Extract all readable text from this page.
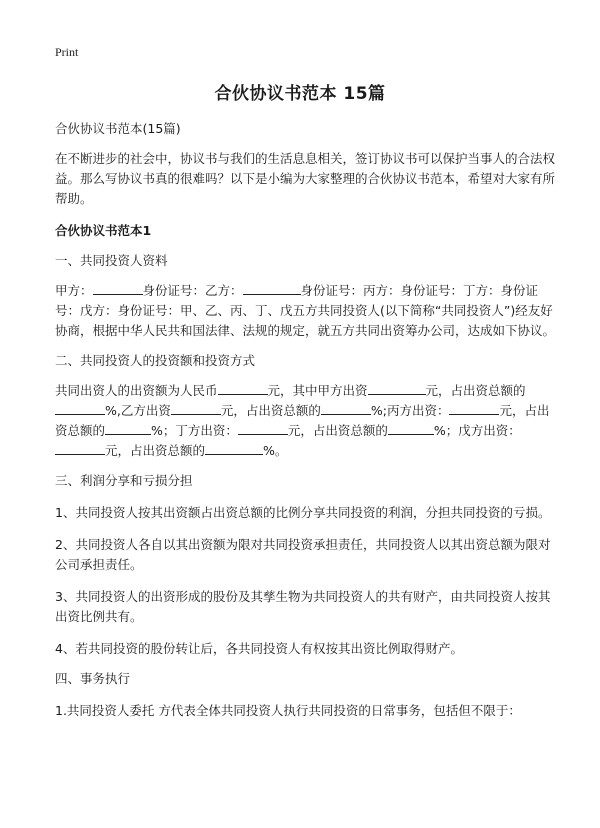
Print
合伙协议书范本 15篇

合伙协议书范本(15篇)

在不断进步的社会中，协议书与我们的生活息息相关，签订协议书可以保护当事人的合法权益。那么写协议书真的很难吗？以下是小编为大家整理的合伙协议书范本，希望对大家有所帮助。

合伙协议书范本1

一、共同投资人资料

甲方：	身份证号：乙方：	身份证号：丙方：身份证号：丁方：身份证号：戊方：身份证号：甲、乙、丙、丁、戊五方共同投资人(以下简称“共同投资人”)经友好协商，根据中华人民共和国法律、法规的规定，就五方共同出资筹办公司，达成如下协议。

二、共同投资人的投资额和投资方式

共同出资人的出资额为人民币	元，其中甲方出资	元，占出资总额的%,乙方出资	元，占出资总额的	%;丙方出资：	元，占出资总额的	%；丁方出资：	元，占出资总额的	%；戊方出资：元，占出资总额的	%。

三、利润分享和亏损分担

1、共同投资人按其出资额占出资总额的比例分享共同投资的利润，分担共同投资的亏损。

2、共同投资人各自以其出资额为限对共同投资承担责任，共同投资人以其出资总额为限对公司承担责任。

3、共同投资人的出资形成的股份及其孳生物为共同投资人的共有财产，由共同投资人按其出资比例共有。

4、若共同投资的股份转让后，各共同投资人有权按其出资比例取得财产。

四、事务执行

1.共同投资人委托 方代表全体共同投资人执行共同投资的日常事务，包括但不限于：
